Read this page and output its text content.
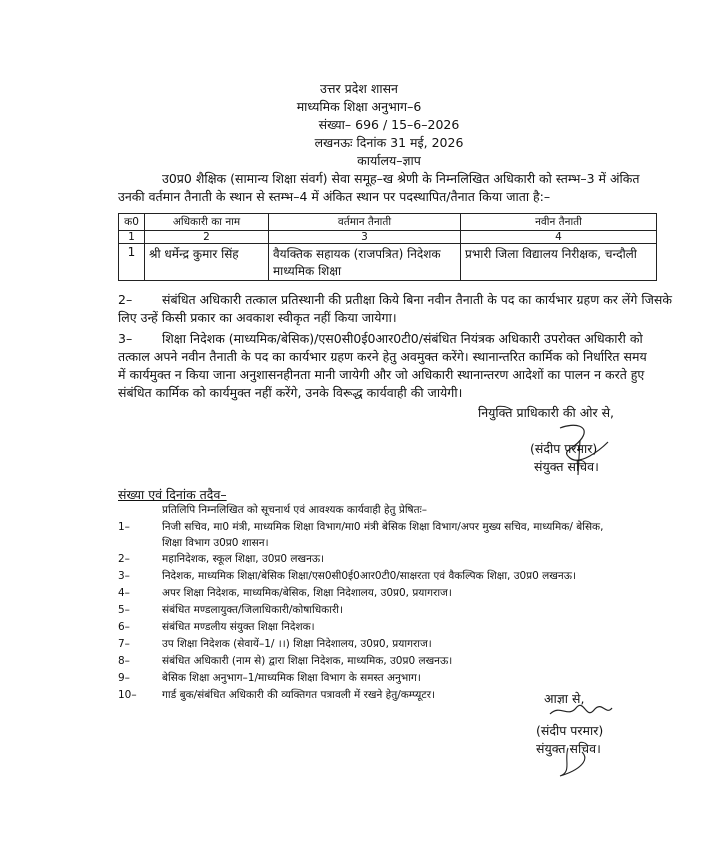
उत्तर प्रदेश शासन
माध्यमिक शिक्षा अनुभाग–6
संख्या– 696 / 15–6–2026
लखनऊः दिनांक 31 मई, 2026
कार्यालय–ज्ञाप
उ0प्र0 शैक्षिक (सामान्य शिक्षा संवर्ग) सेवा समूह–ख श्रेणी के निम्नलिखित अधिकारी को स्तम्भ–3 में अंकित
उनकी वर्तमान तैनाती के स्थान से स्तम्भ–4 में अंकित स्थान पर पदस्थापित/तैनात किया जाता है:–
क0	अधिकारी का नाम	वर्तमान तैनाती	नवीन तैनाती
1	2	3	4
1	श्री धर्मेन्द्र कुमार सिंह	वैयक्तिक सहायक (राजपत्रित) निदेशक
माध्यमिक शिक्षा	प्रभारी जिला विद्यालय निरीक्षक, चन्दौली
2– संबंधित अधिकारी तत्काल प्रतिस्थानी की प्रतीक्षा किये बिना नवीन तैनाती के पद का कार्यभार ग्रहण कर लेंगे जिसके
लिए उन्हें किसी प्रकार का अवकाश स्वीकृत नहीं किया जायेगा।
3– शिक्षा निदेशक (माध्यमिक/बेसिक)/एस0सी0ई0आर0टी0/संबंधित नियंत्रक अधिकारी उपरोक्त अधिकारी को
तत्काल अपने नवीन तैनाती के पद का कार्यभार ग्रहण करने हेतु अवमुक्त करेंगे। स्थानान्तरित कार्मिक को निर्धारित समय
में कार्यमुक्त न किया जाना अनुशासनहीनता मानी जायेगी और जो अधिकारी स्थानान्तरण आदेशों का पालन न करते हुए
संबंधित कार्मिक को कार्यमुक्त नहीं करेंगे, उनके विरूद्ध कार्यवाही की जायेगी।
नियुक्ति प्राधिकारी की ओर से,
(संदीप परमार)
संयुक्त सचिव।
संख्या एवं दिनांक तदैव–
प्रतिलिपि निम्नलिखित को सूचनार्थ एवं आवश्यक कार्यवाही हेतु प्रेषितः–
1–	निजी सचिव, मा0 मंत्री, माध्यमिक शिक्षा विभाग/मा0 मंत्री बेसिक शिक्षा विभाग/अपर मुख्य सचिव, माध्यमिक/ बेसिक,
शिक्षा विभाग उ0प्र0 शासन।
2–	महानिदेशक, स्कूल शिक्षा, उ0प्र0 लखनऊ।
3–	निदेशक, माध्यमिक शिक्षा/बेसिक शिक्षा/एस0सी0ई0आर0टी0/साक्षरता एवं वैकल्पिक शिक्षा, उ0प्र0 लखनऊ।
4–	अपर शिक्षा निदेशक, माध्यमिक/बेसिक, शिक्षा निदेशालय, उ0प्र0, प्रयागराज।
5–	संबंधित मण्डलायुक्त/जिलाधिकारी/कोषाधिकारी।
6–	संबंधित मण्डलीय संयुक्त शिक्षा निदेशक।
7–	उप शिक्षा निदेशक (सेवायें–1/ ।।) शिक्षा निदेशालय, उ0प्र0, प्रयागराज।
8–	संबंधित अधिकारी (नाम से) द्वारा शिक्षा निदेशक, माध्यमिक, उ0प्र0 लखनऊ।
9–	बेसिक शिक्षा अनुभाग–1/माध्यमिक शिक्षा विभाग के समस्त अनुभाग।
10– गार्ड बुक/संबंधित अधिकारी की व्यक्तिगत पत्रावली में रखने हेतु/कम्प्यूटर।	आज्ञा से,
(संदीप परमार)
संयुक्त सचिव।
